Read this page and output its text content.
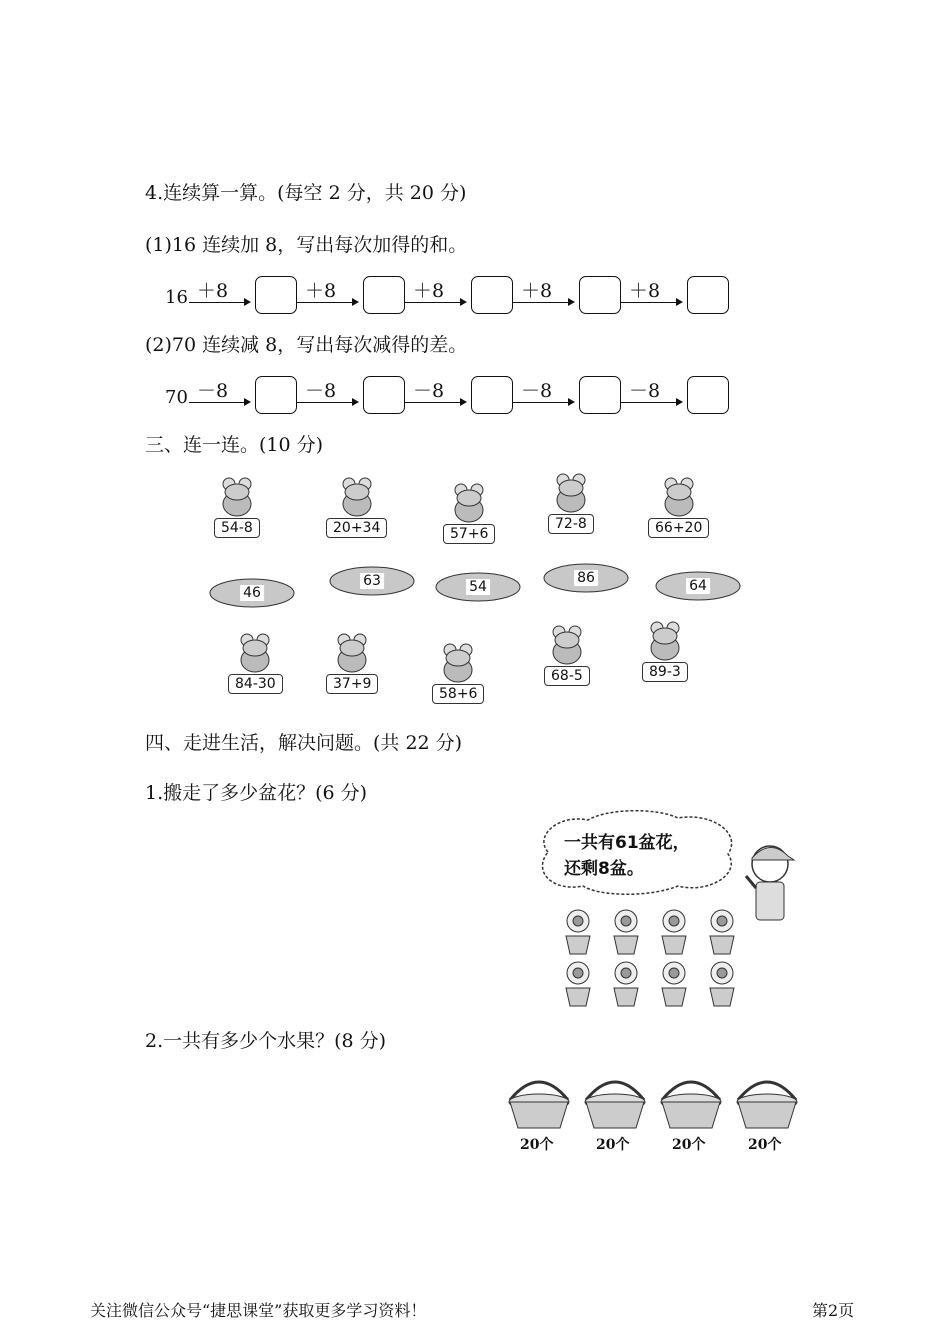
4.连续算一算。(每空 2 分，共 20 分)
(1)16 连续加 8，写出每次加得的和。
16 ＋8	＋8	＋8	＋8	＋8
(2)70 连续减 8，写出每次减得的差。
70 －8	－8	－8	－8	－8
三、连一连。(10 分)
54-8	20+34	57+6
72-8	66+20
46
63	54
86	64
84-30	37+9
58+6
68-5	89-3
四、走进生活，解决问题。(共 22 分)
1.搬走了多少盆花？(6 分)
一共有61盆花，
还剩8盆。
2.一共有多少个水果？(8 分)
20个	20个	20个	20个
关注微信公众号“捷思课堂”获取更多学习资料！	第2页
